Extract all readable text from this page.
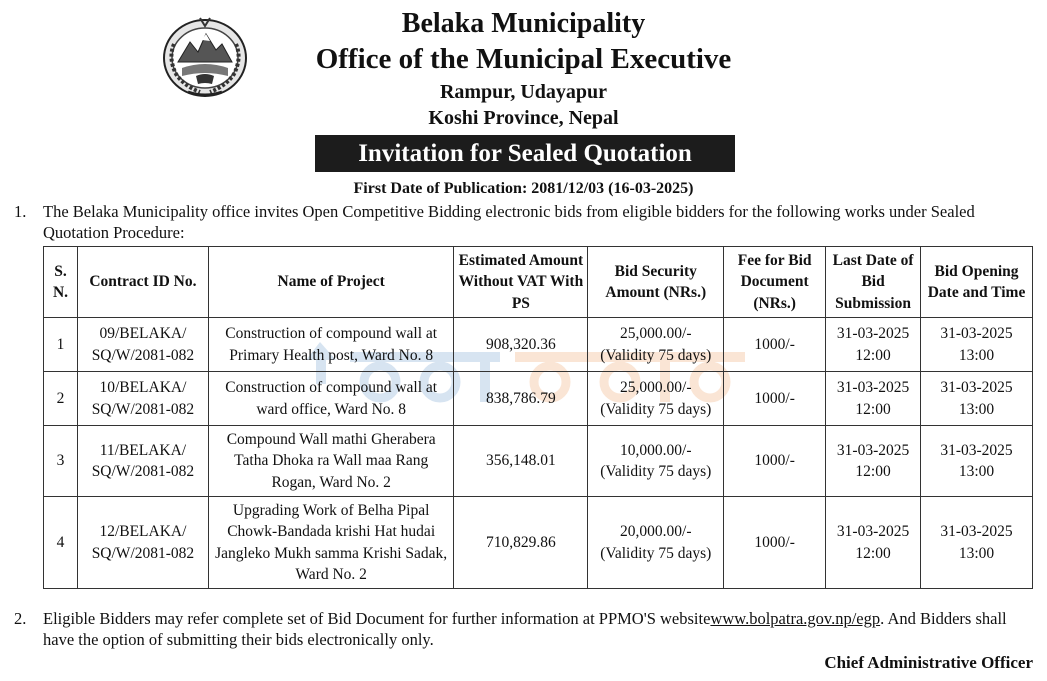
Belaka Municipality
Office of the Municipal Executive
Rampur, Udayapur
Koshi Province, Nepal
Invitation for Sealed Quotation
First Date of Publication: 2081/12/03 (16-03-2025)
1.	The Belaka Municipality office invites Open Competitive Bidding electronic bids from eligible bidders for the following works under Sealed Quotation Procedure:
S. N.	Contract ID No.	Name of Project	Estimated Amount Without VAT With PS	Bid Security Amount (NRs.)	Fee for Bid Document (NRs.)	Last Date of Bid Submission	Bid Opening Date and Time
1	09/BELAKA/ SQ/W/2081-082	Construction of compound wall at Primary Health post, Ward No. 8	908,320.36	25,000.00/- (Validity 75 days)	1000/-	31-03-2025 12:00	31-03-2025 13:00
2	10/BELAKA/ SQ/W/2081-082	Construction of compound wall at ward office, Ward No. 8	838,786.79	25,000.00/- (Validity 75 days)	1000/-	31-03-2025 12:00	31-03-2025 13:00
3	11/BELAKA/ SQ/W/2081-082	Compound Wall mathi Gherabera Tatha Dhoka ra Wall maa Rang Rogan, Ward No. 2	356,148.01	10,000.00/- (Validity 75 days)	1000/-	31-03-2025 12:00	31-03-2025 13:00
4	12/BELAKA/ SQ/W/2081-082	Upgrading Work of Belha Pipal Chowk-Bandada krishi Hat hudai Jangleko Mukh samma Krishi Sadak, Ward No. 2	710,829.86	20,000.00/- (Validity 75 days)	1000/-	31-03-2025 12:00	31-03-2025 13:00
2.	Eligible Bidders may refer complete set of Bid Document for further information at PPMO'S websitewww.bolpatra.gov.np/egp. And Bidders shall have the option of submitting their bids electronically only.
Chief Administrative Officer
